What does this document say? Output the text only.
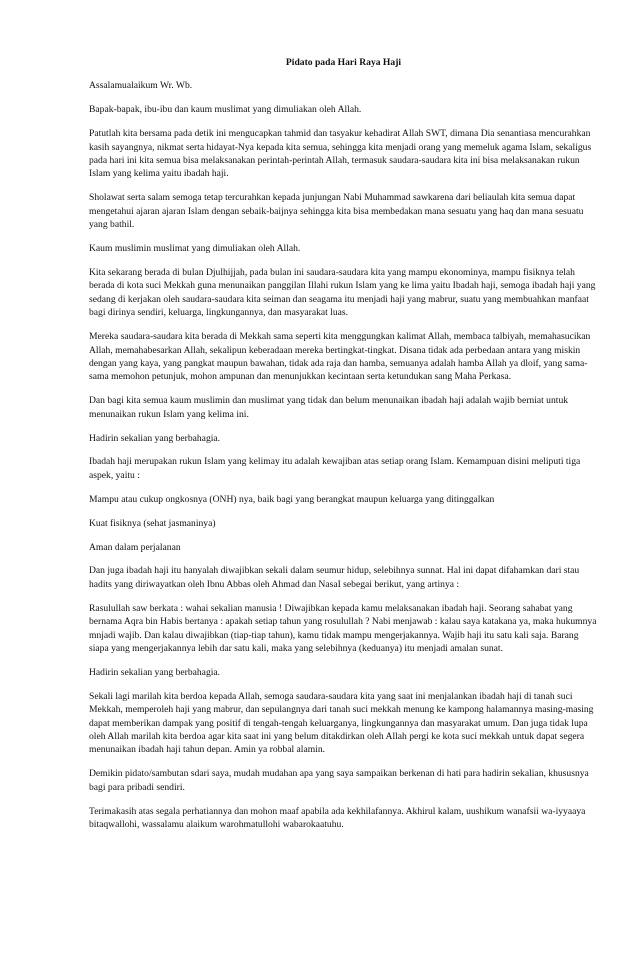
Pidato pada Hari Raya Haji

Assalamualaikum Wr. Wb.

Bapak-bapak, ibu-ibu dan kaum muslimat yang dimuliakan oleh Allah.

Patutlah kita bersama pada detik ini mengucapkan tahmid dan tasyakur kehadirat Allah SWT, dimana Dia senantiasa mencurahkan kasih sayangnya, nikmat serta hidayat-Nya kepada kita semua, sehingga kita menjadi orang yang memeluk agama Islam, sekaligus pada hari ini kita semua bisa melaksanakan perintah-perintah Allah, termasuk saudara-saudara kita ini bisa melaksanakan rukun Islam yang kelima yaitu ibadah haji.

Sholawat serta salam semoga tetap tercurahkan kepada junjungan Nabi Muhammad sawkarena dari beliaulah kita semua dapat mengetahui ajaran ajaran Islam dengan sebaik-baijnya sehingga kita bisa membedakan mana sesuatu yang haq dan mana sesuatu yang bathil.

Kaum muslimin muslimat yang dimuliakan oleh Allah.

Kita sekarang berada di bulan Djulhijjah, pada bulan ini saudara-saudara kita yang mampu ekonominya, mampu fisiknya telah berada di kota suci Mekkah guna menunaikan panggilan Illahi rukun Islam yang ke lima yaitu Ibadah haji, semoga ibadah haji yang sedang di kerjakan oleh saudara-saudara kita seiman dan seagama itu menjadi haji yang mabrur, suatu yang membuahkan manfaat bagi dirinya sendiri, keluarga, lingkungannya, dan masyarakat luas.

Mereka saudara-saudara kita berada di Mekkah sama seperti kita menggungkan kalimat Allah, membaca talbiyah, memahasucikan Allah, memahabesarkan Allah, sekalipun keberadaan mereka bertingkat-tingkat. Disana tidak ada perbedaan antara yang miskin dengan yang kaya, yang pangkat maupun bawahan, tidak ada raja dan hamba, semuanya adalah hamba Allah ya dloif, yang sama-sama memohon petunjuk, mohon ampunan dan menunjukkan kecintaan serta ketundukan sang Maha Perkasa.

Dan bagi kita semua kaum muslimin dan muslimat yang tidak dan belum menunaikan ibadah haji adalah wajib berniat untuk menunaikan rukun Islam yang kelima ini.

Hadirin sekalian yang berbahagia.

Ibadah haji merupakan rukun Islam yang kelimay itu adalah kewajiban atas setiap orang Islam. Kemampuan disini meliputi tiga aspek, yaitu :

Mampu atau cukup ongkosnya (ONH) nya, baik bagi yang berangkat maupun keluarga yang ditinggalkan

Kuat fisiknya (sehat jasmaninya)

Aman dalam perjalanan

Dan juga ibadah haji itu hanyalah diwajibkan sekali dalam seumur hidup, selebihnya sunnat. Hal ini dapat difahamkan dari stau hadits yang diriwayatkan oleh Ibnu Abbas oleh Ahmad dan NasaI sebegai berikut, yang artinya :

Rasulullah saw berkata : wahai sekalian manusia ! Diwajibkan kepada kamu melaksanakan ibadah haji. Seorang sahabat yang bernama Aqra bin Habis bertanya : apakah setiap tahun yang rosulullah ? Nabi menjawab : kalau saya katakana ya, maka hukumnya mnjadi wajib. Dan kalau diwajibkan (tiap-tiap tahun), kamu tidak mampu mengerjakannya. Wajib haji itu satu kali saja. Barang siapa yang mengerjakannya lebih dar satu kali, maka yang selebihnya (keduanya) itu menjadi amalan sunat.

Hadirin sekalian yang berbahagia.

Sekali lagi marilah kita berdoa kepada Allah, semoga saudara-saudara kita yang saat ini menjalankan ibadah haji di tanah suci Mekkah, memperoleh haji yang mabrur, dan sepulangnya dari tanah suci mekkah menung ke kampong halamannya masing-masing dapat memberikan dampak yang positif di tengah-tengah keluarganya, lingkungannya dan masyarakat umum. Dan juga tidak lupa oleh Allah marilah kita berdoa agar kita saat ini yang belum ditakdirkan oleh Allah pergi ke kota suci mekkah untuk dapat segera menunaikan ibadah haji tahun depan. Amin ya robbal alamin.

Demikin pidato/sambutan sdari saya, mudah mudahan apa yang saya sampaikan berkenan di hati para hadirin sekalian, khususnya bagi para pribadi sendiri.

Terimakasih atas segala perhatiannya dan mohon maaf apabila ada kekhilafannya. Akhirul kalam, uushikum wanafsii wa-iyyaaya bitaqwallohi, wassalamu alaikum warohmatullohi wabarokaatuhu.
